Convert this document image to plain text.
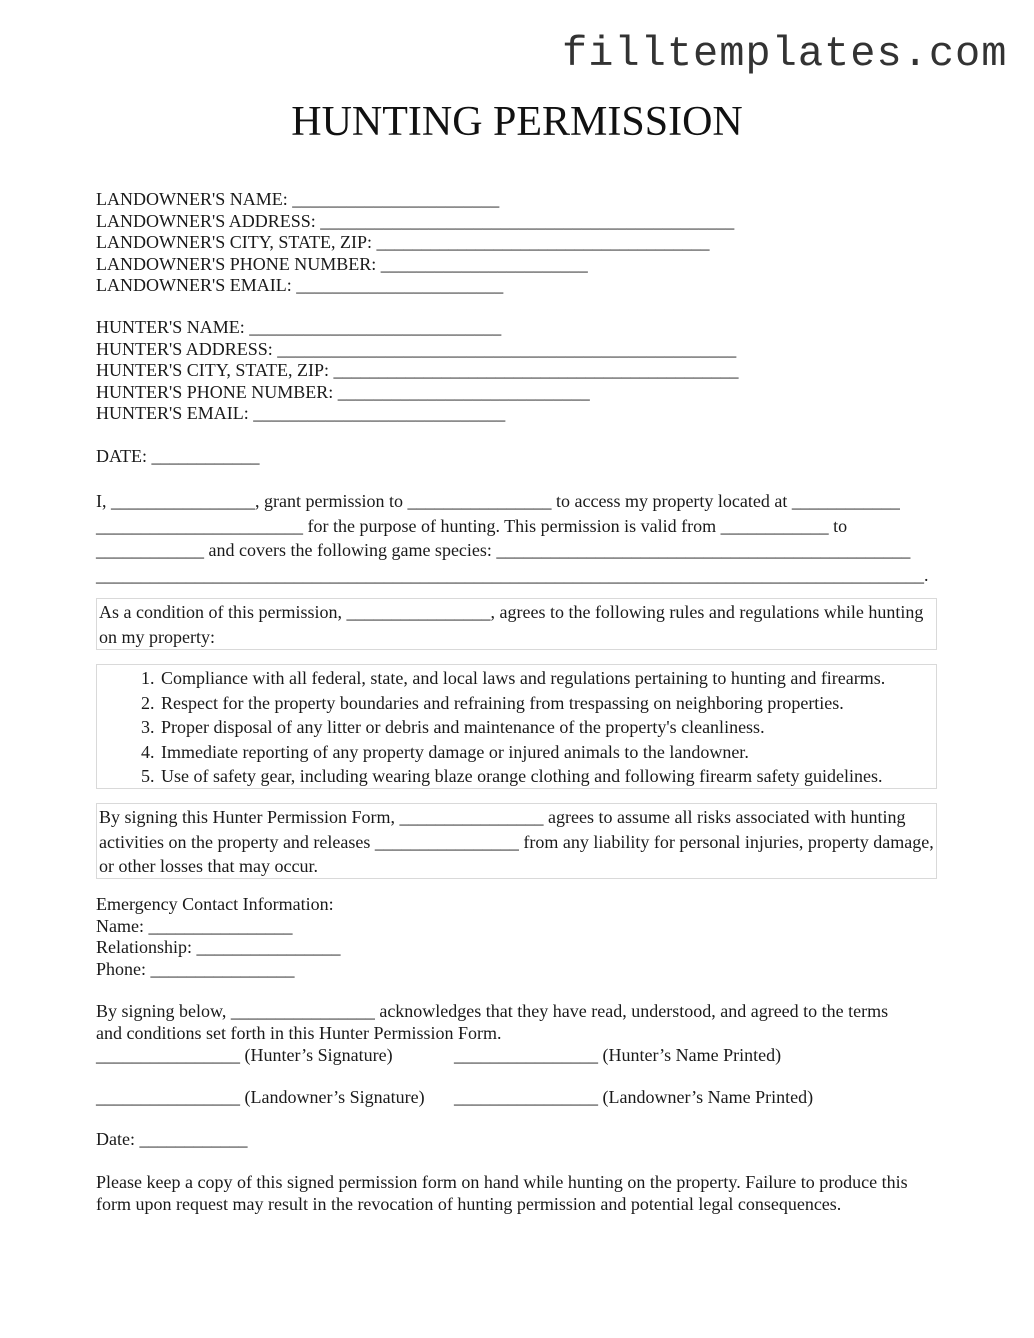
filltemplates.com
HUNTING PERMISSION
LANDOWNER'S NAME: _______________________
LANDOWNER'S ADDRESS: ______________________________________________
LANDOWNER'S CITY, STATE, ZIP: _____________________________________
LANDOWNER'S PHONE NUMBER: _______________________
LANDOWNER'S EMAIL: _______________________
HUNTER'S NAME: ____________________________
HUNTER'S ADDRESS: ___________________________________________________
HUNTER'S CITY, STATE, ZIP: _____________________________________________
HUNTER'S PHONE NUMBER: ____________________________
HUNTER'S EMAIL: ____________________________
DATE: ____________
I, ________________, grant permission to ________________ to access my property located at ____________
_______________________ for the purpose of hunting. This permission is valid from ____________ to
____________ and covers the following game species: ______________________________________________
____________________________________________________________________________________________.
As a condition of this permission, ________________, agrees to the following rules and regulations while hunting on my property:
1. Compliance with all federal, state, and local laws and regulations pertaining to hunting and firearms.
2. Respect for the property boundaries and refraining from trespassing on neighboring properties.
3. Proper disposal of any litter or debris and maintenance of the property's cleanliness.
4. Immediate reporting of any property damage or injured animals to the landowner.
5. Use of safety gear, including wearing blaze orange clothing and following firearm safety guidelines.
By signing this Hunter Permission Form, ________________ agrees to assume all risks associated with hunting activities on the property and releases ________________ from any liability for personal injuries, property damage, or other losses that may occur.
Emergency Contact Information:
Name: ________________
Relationship: ________________
Phone: ________________
By signing below, ________________ acknowledges that they have read, understood, and agreed to the terms
and conditions set forth in this Hunter Permission Form.
________________ (Hunter’s Signature)	________________ (Hunter’s Name Printed)
________________ (Landowner’s Signature) ________________ (Landowner’s Name Printed)
Date: ____________
Please keep a copy of this signed permission form on hand while hunting on the property. Failure to produce this
form upon request may result in the revocation of hunting permission and potential legal consequences.
